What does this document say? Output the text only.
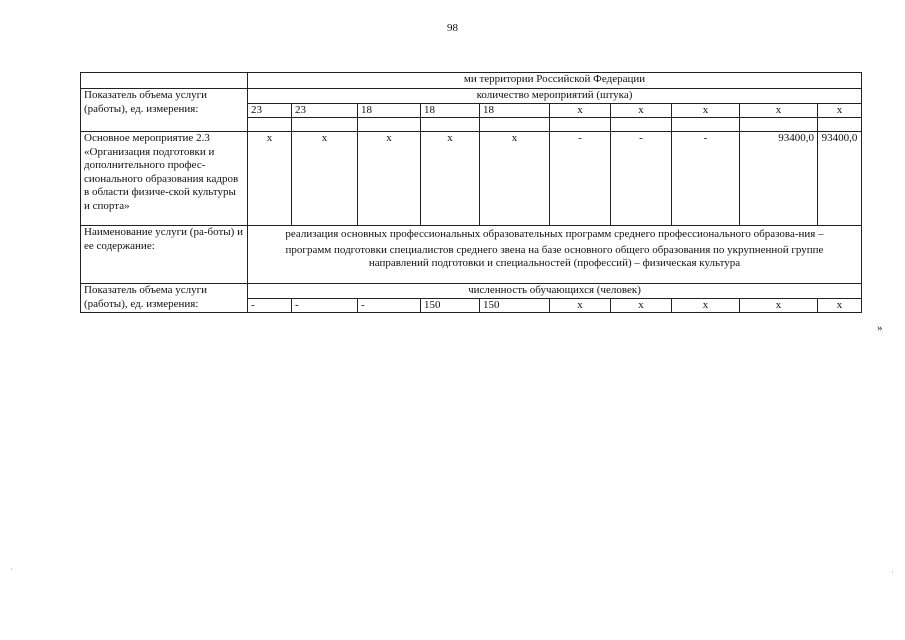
98
	ми территории Российской Федерации									
Показатель объема услуги (работы), ед. измерения:	количество мероприятий (штука)									
	23	23	18	18	18	х	х	х	х	х

Основное мероприятие 2.3 «Организация подготовки и дополнительного профес-сионального образования кадров в области физиче-ской культуры и спорта»	х	х	х	х	х	-	-	-	93400,0	93400,0
Наименование услуги (ра-боты) и ее содержание:	реализация основных профессиональных образовательных программ среднего профессионального образова-ния –
программ подготовки специалистов среднего звена на базе основного общего образования по укрупненной группе направлений подготовки и специальностей (профессий) – физическая культура									

Показатель объема услуги (работы), ед. измерения:	численность обучающихся (человек)									
	-	-	-	150	150	х	х	х	х	х
»
·	·
